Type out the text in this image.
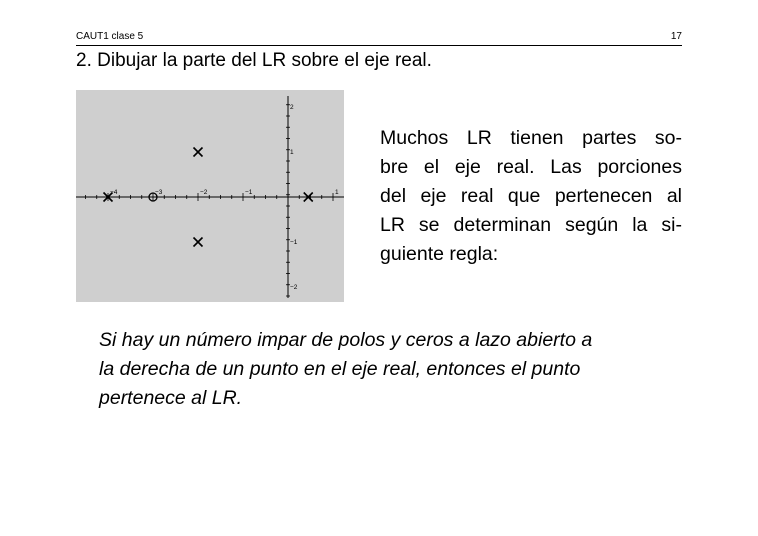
CAUT1 clase 5	17
2. Dibujar la parte del LR sobre el eje real.
−4	−3	−2	−1	1
2
1
−1
−2
Muchos LR tienen partes so-
bre el eje real. Las porciones
del eje real que pertenecen al
LR se determinan según la si-
guiente regla:
Si hay un número impar de polos y ceros a lazo abierto a
la derecha de un punto en el eje real, entonces el punto
pertenece al LR.
